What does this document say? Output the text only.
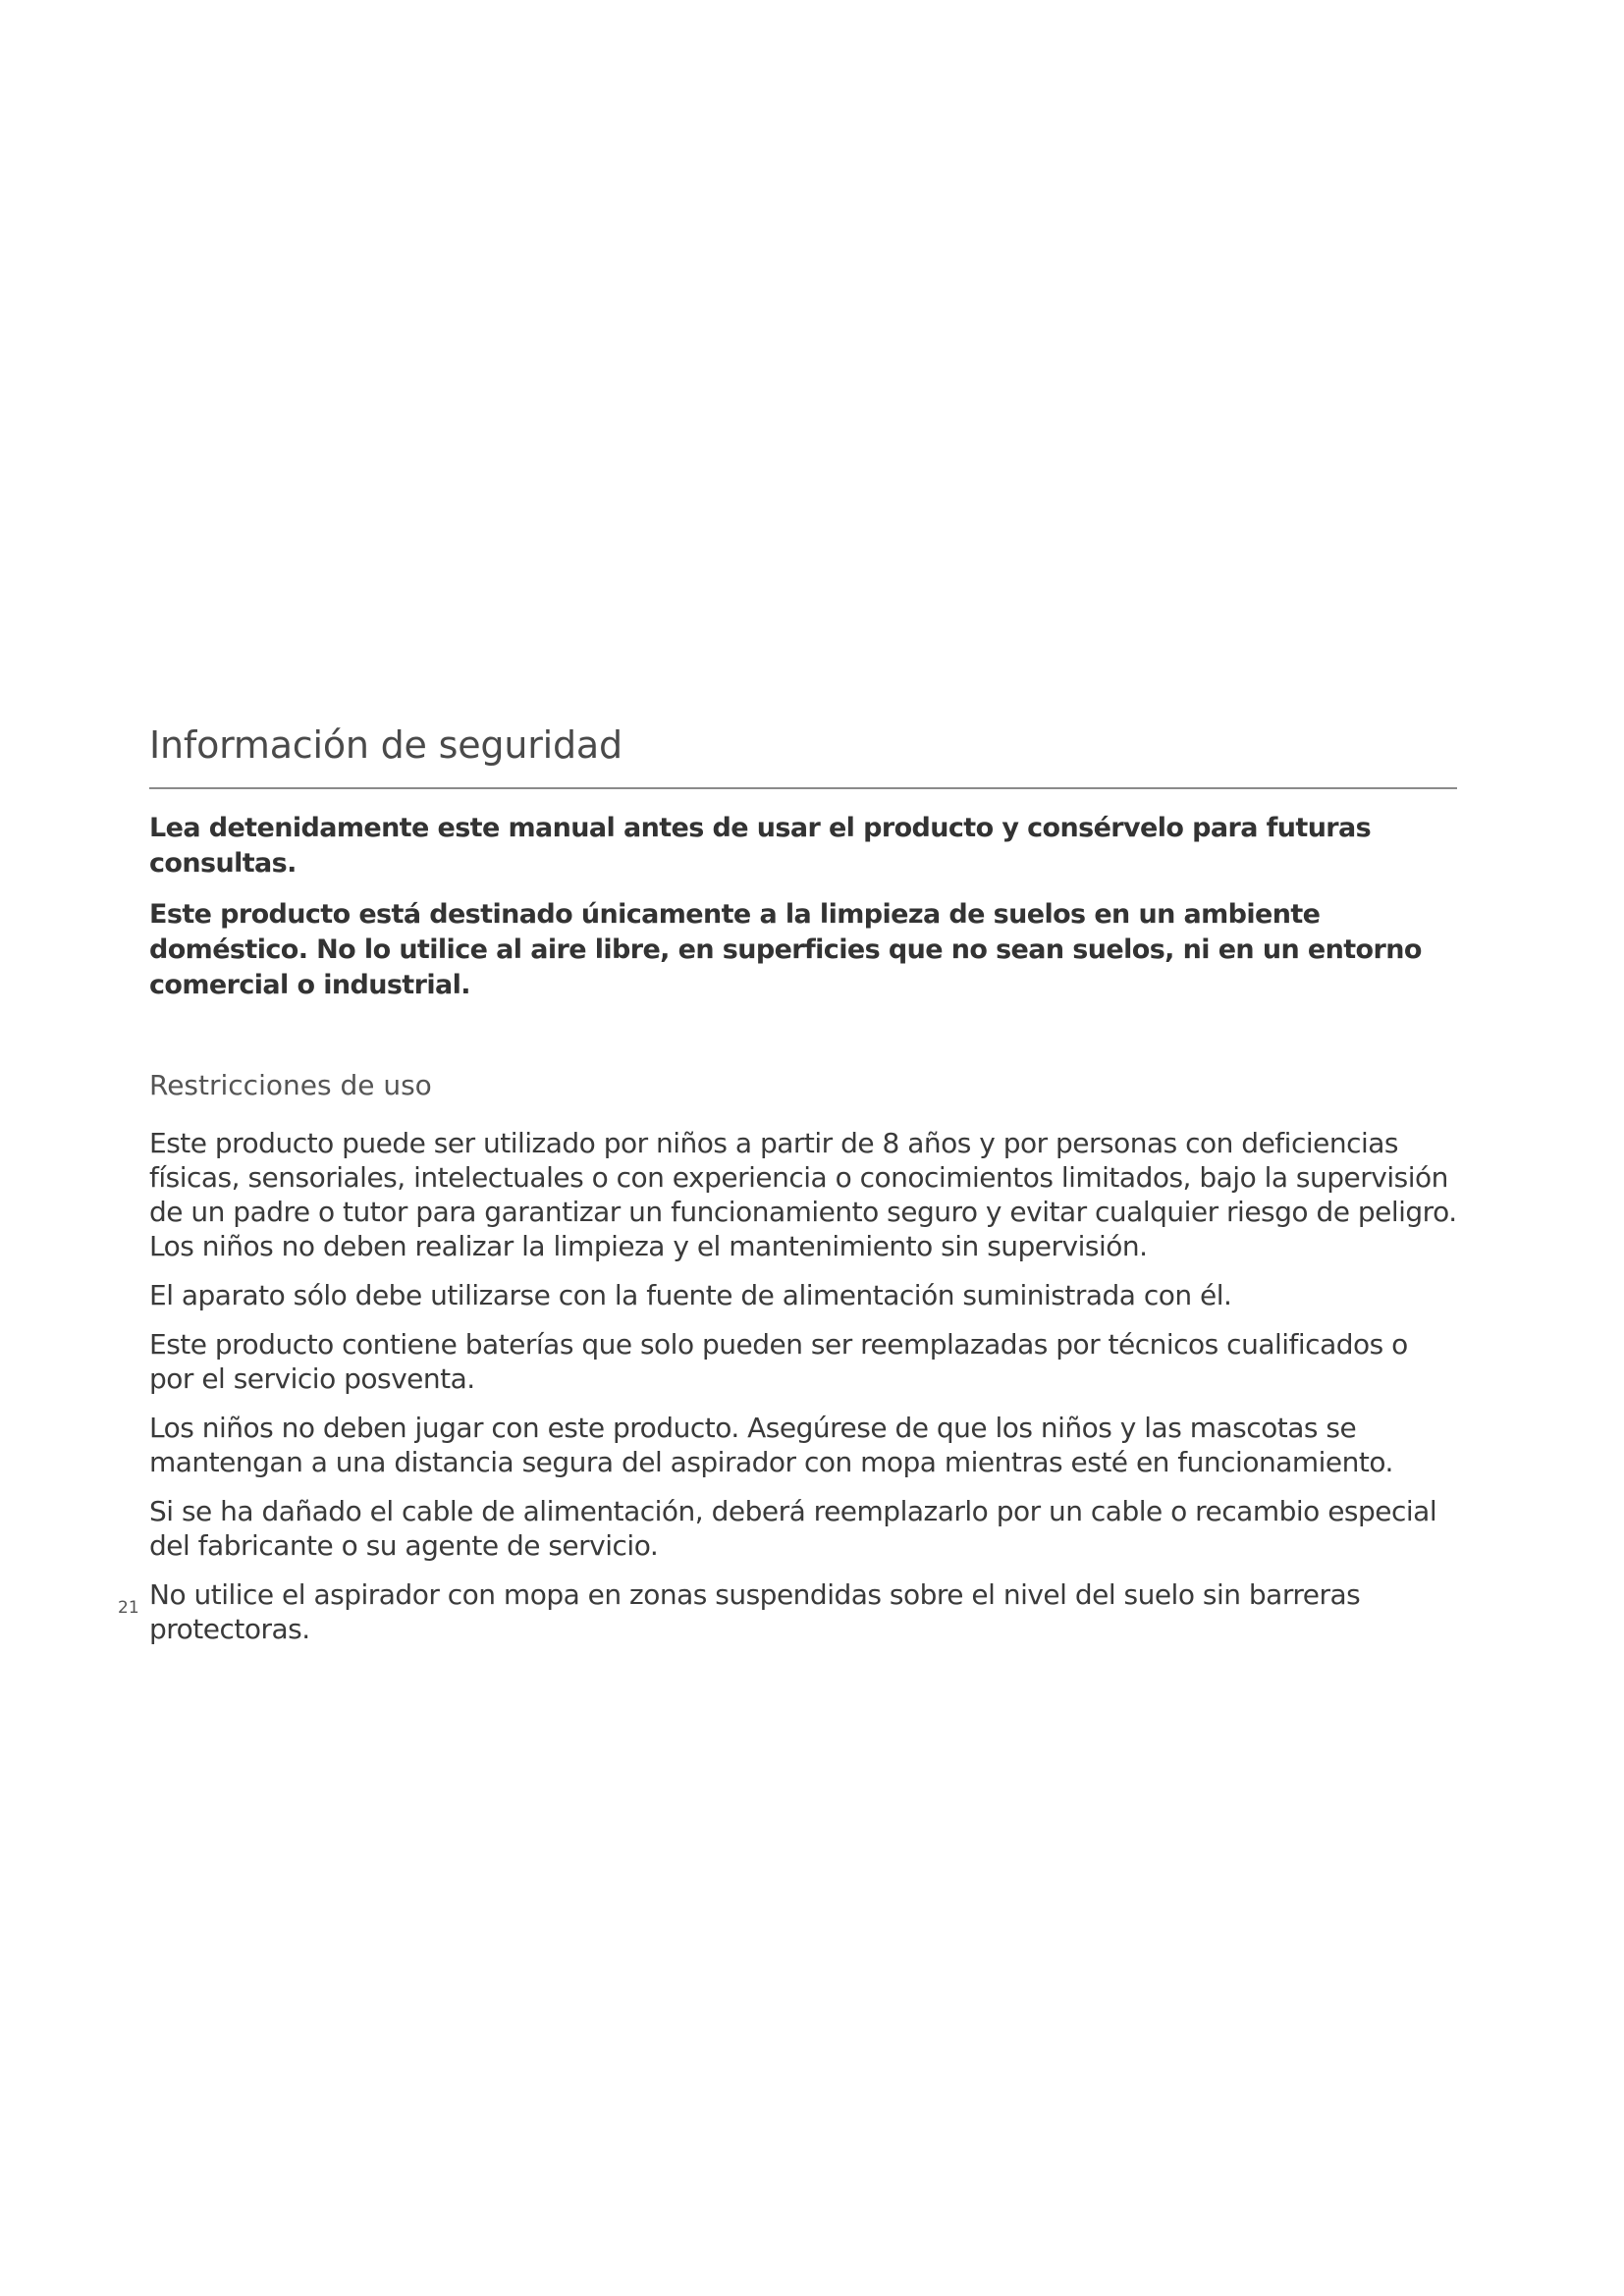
Información de seguridad

Lea detenidamente este manual antes de usar el producto y consérvelo para futuras consultas.

Este producto está destinado únicamente a la limpieza de suelos en un ambiente doméstico. No lo utilice al aire libre, en superficies que no sean suelos, ni en un entorno comercial o industrial.

Restricciones de uso

Este producto puede ser utilizado por niños a partir de 8 años y por personas con deficiencias físicas, sensoriales, intelectuales o con experiencia o conocimientos limitados, bajo la supervisión de un padre o tutor para garantizar un funcionamiento seguro y evitar cualquier riesgo de peligro. Los niños no deben realizar la limpieza y el mantenimiento sin supervisión.

El aparato sólo debe utilizarse con la fuente de alimentación suministrada con él.

Este producto contiene baterías que solo pueden ser reemplazadas por técnicos cualificados o por el servicio posventa.

Los niños no deben jugar con este producto. Asegúrese de que los niños y las mascotas se mantengan a una distancia segura del aspirador con mopa mientras esté en funcionamiento.

Si se ha dañado el cable de alimentación, deberá reemplazarlo por un cable o recambio especial del fabricante o su agente de servicio.

No utilice el aspirador con mopa en zonas suspendidas sobre el nivel del suelo sin barreras protectoras.

21
